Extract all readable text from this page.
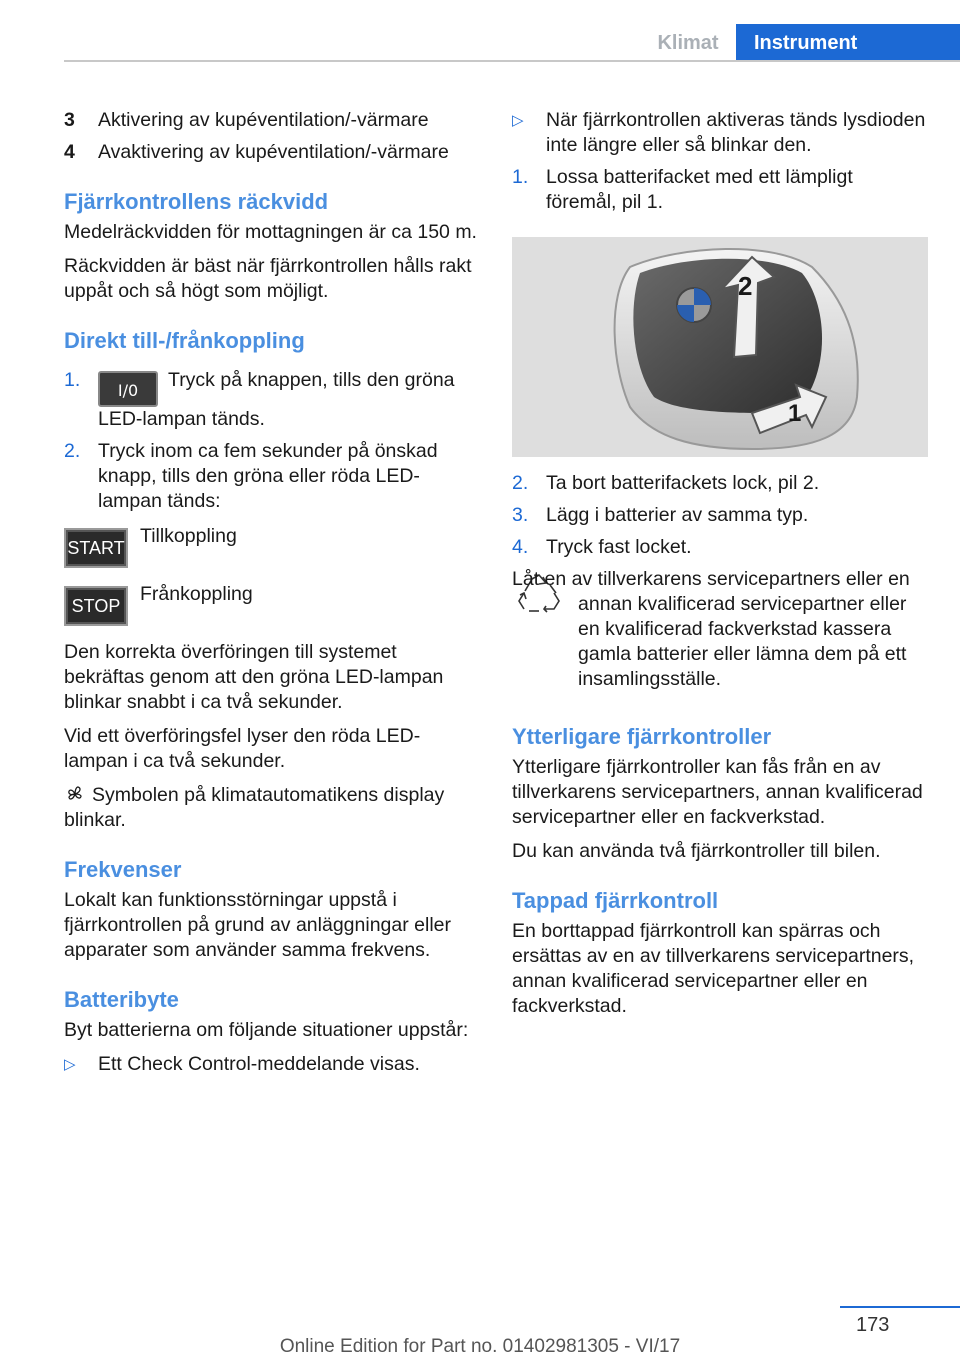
Klimat	Instrument
3	Aktivering av kupéventilation/-värmare
4	Avaktivering av kupéventilation/-värmare
Fjärrkontrollens räckvidd

Medelräckvidden för mottagningen är ca 150 m.

Räckvidden är bäst när fjärrkontrollen hålls rakt uppåt och så högt som möjligt.

Direkt till-/frånkoppling
1.	I/0 Tryck på knappen, tills den gröna LED-lampan tänds.
2. Tryck inom ca fem sekunder på önskad knapp, tills den gröna eller röda LED-lampan tänds:
START
Tillkoppling
STOP
Frånkoppling

Den korrekta överföringen till systemet bekräftas genom att den gröna LED-lampan blinkar snabbt i ca två sekunder.

Vid ett överföringsfel lyser den röda LED-lampan i ca två sekunder.

Symbolen på klimatautomatikens display blinkar.

Frekvenser

Lokalt kan funktionsstörningar uppstå i fjärrkontrollen på grund av anläggningar eller apparater som använder samma frekvens.

Batteribyte

Byt batterierna om följande situationer uppstår:

▷	Ett Check Control-meddelande visas.
▷	När fjärrkontrollen aktiveras tänds lysdioden inte längre eller så blinkar den.
1. Lossa batterifacket med ett lämpligt föremål, pil 1.
2
1
2. Ta bort batterifackets lock, pil 2.
3. Lägg i batterier av samma typ.
4. Tryck fast locket.

Låt en av tillverkarens servicepartners eller en annan kvalificerad servicepartner eller en kvalificerad fackverkstad kassera gamla batterier eller lämna dem på ett insamlingsställe.

Ytterligare fjärrkontroller

Ytterligare fjärrkontroller kan fås från en av tillverkarens servicepartners, annan kvalificerad servicepartner eller en fackverkstad.

Du kan använda två fjärrkontroller till bilen.

Tappad fjärrkontroll

En borttappad fjärrkontroll kan spärras och ersättas av en av tillverkarens servicepartners, annan kvalificerad servicepartner eller en fackverkstad.

173
Online Edition for Part no. 01402981305 - VI/17
